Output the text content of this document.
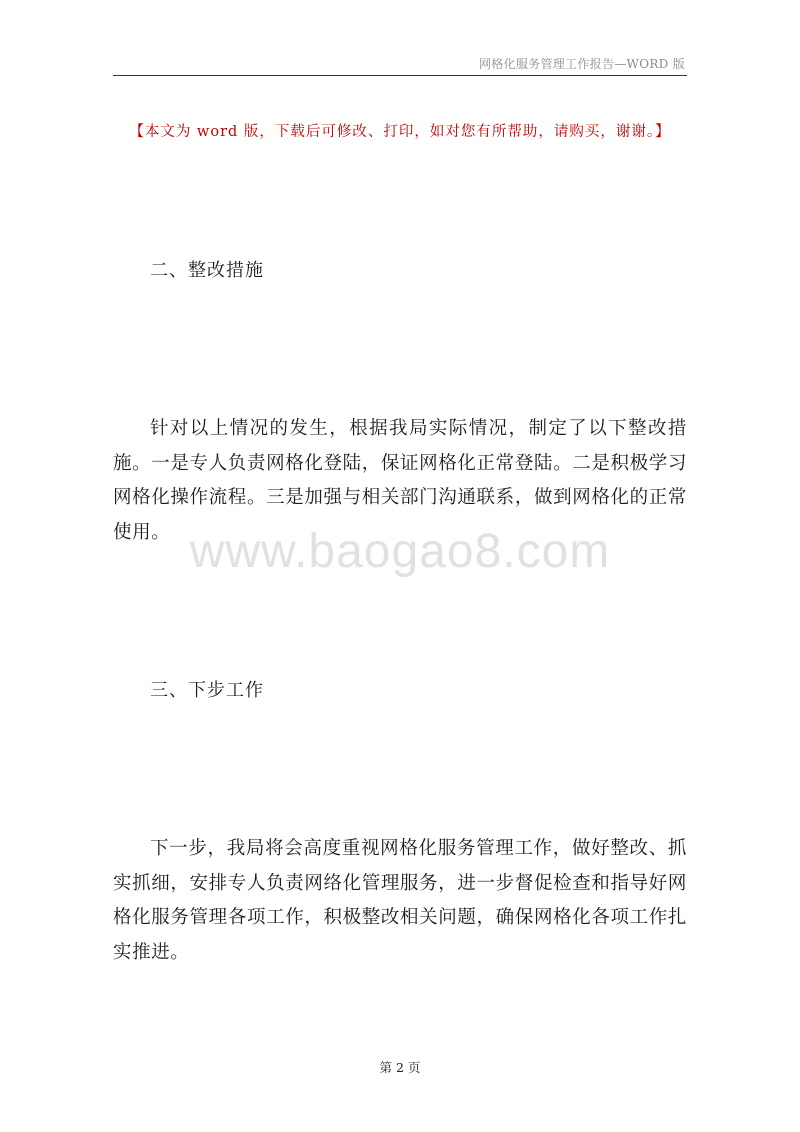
网格化服务管理工作报告—WORD 版
【本文为 word 版，下载后可修改、打印，如对您有所帮助，请购买，谢谢。】
二、整改措施
针对以上情况的发生，根据我局实际情况，制定了以下整改措施。一是专人负责网格化登陆，保证网格化正常登陆。二是积极学习网格化操作流程。三是加强与相关部门沟通联系，做到网格化的正常使用。 www.baogao8.com
三、下步工作
下一步，我局将会高度重视网格化服务管理工作，做好整改、抓实抓细，安排专人负责网络化管理服务，进一步督促检查和指导好网格化服务管理各项工作，积极整改相关问题，确保网格化各项工作扎实推进。
第 2 页
